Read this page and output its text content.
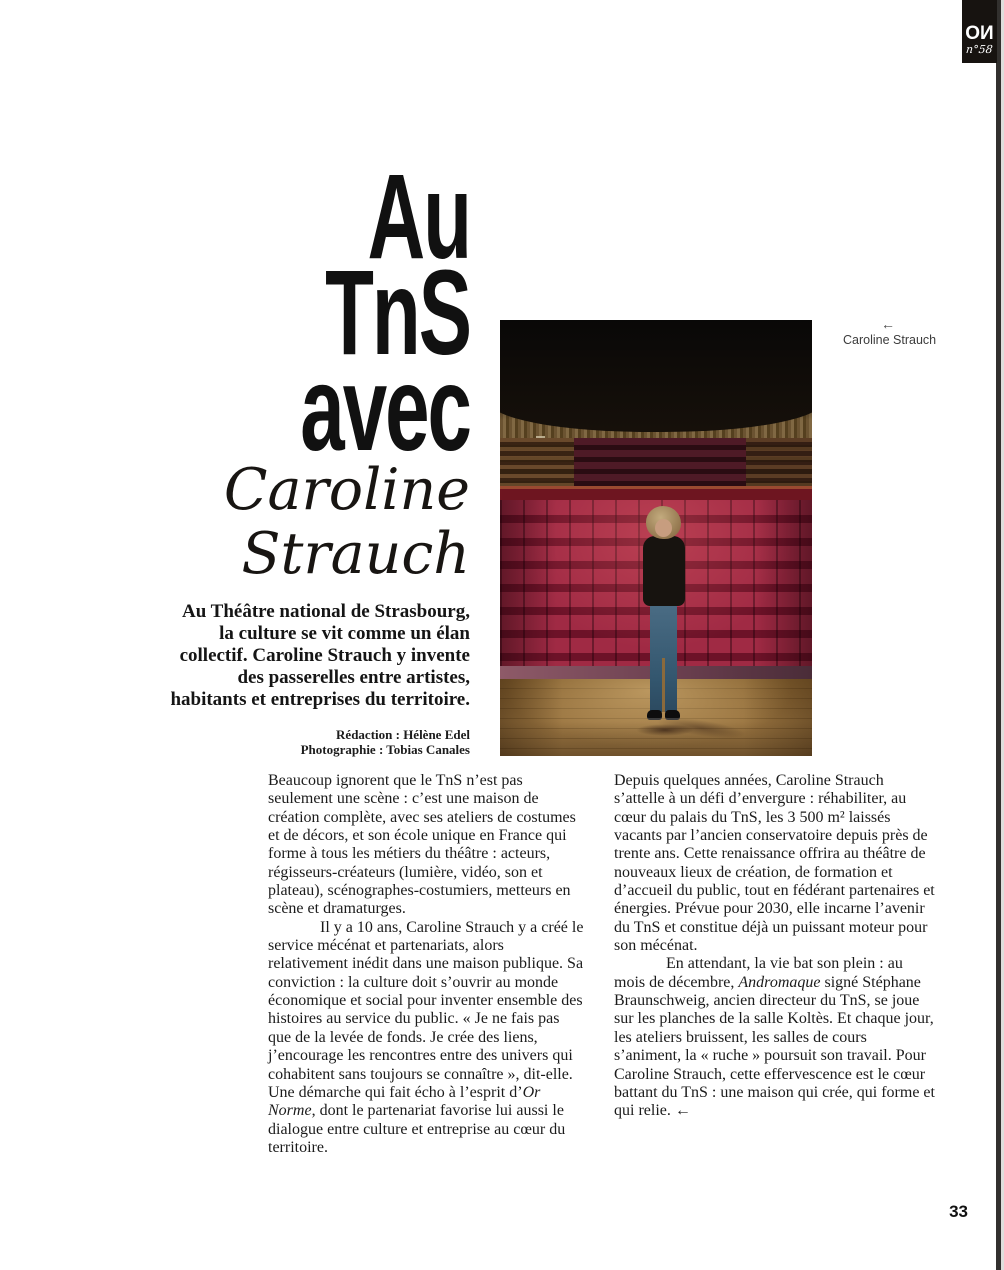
OИ
n°58
Au
TnS
avec
Caroline
Strauch
Au Théâtre national de Strasbourg,
la culture se vit comme un élan
collectif. Caroline Strauch y invente
des passerelles entre artistes,
habitants et entreprises du territoire.
Rédaction : Hélène Edel
Photographie : Tobias Canales
←
Caroline Strauch

Beaucoup ignorent que le TnS n’est pas seulement une scène : c’est une maison de création complète, avec ses ateliers de costumes et de décors, et son école unique en France qui forme à tous les métiers du théâtre : acteurs, régisseurs-créateurs (lumière, vidéo, son et plateau), scénographes-costumiers, metteurs en scène et dramaturges.

Il y a 10 ans, Caroline Strauch y a créé le service mécénat et partenariats, alors relativement inédit dans une maison publique. Sa conviction : la culture doit s’ouvrir au monde économique et social pour inventer ensemble des histoires au service du public. « Je ne fais pas que de la levée de fonds. Je crée des liens, j’encourage les rencontres entre des univers qui cohabitent sans toujours se connaître », dit-elle. Une démarche qui fait écho à l’esprit d’Or Norme, dont le partenariat favorise lui aussi le dialogue entre culture et entreprise au cœur du territoire.

Depuis quelques années, Caroline Strauch s’attelle à un défi d’envergure : réhabiliter, au cœur du palais du TnS, les 3 500 m² laissés vacants par l’ancien conservatoire depuis près de trente ans. Cette renaissance offrira au théâtre de nouveaux lieux de création, de formation et d’accueil du public, tout en fédérant partenaires et énergies. Prévue pour 2030, elle incarne l’avenir du TnS et constitue déjà un puissant moteur pour son mécénat.

En attendant, la vie bat son plein : au mois de décembre, Andromaque signé Stéphane Braunschweig, ancien directeur du TnS, se joue sur les planches de la salle Koltès. Et chaque jour, les ateliers bruissent, les salles de cours s’animent, la « ruche » poursuit son travail. Pour Caroline Strauch, cette effervescence est le cœur battant du TnS : une maison qui crée, qui forme et qui relie. ←

33
